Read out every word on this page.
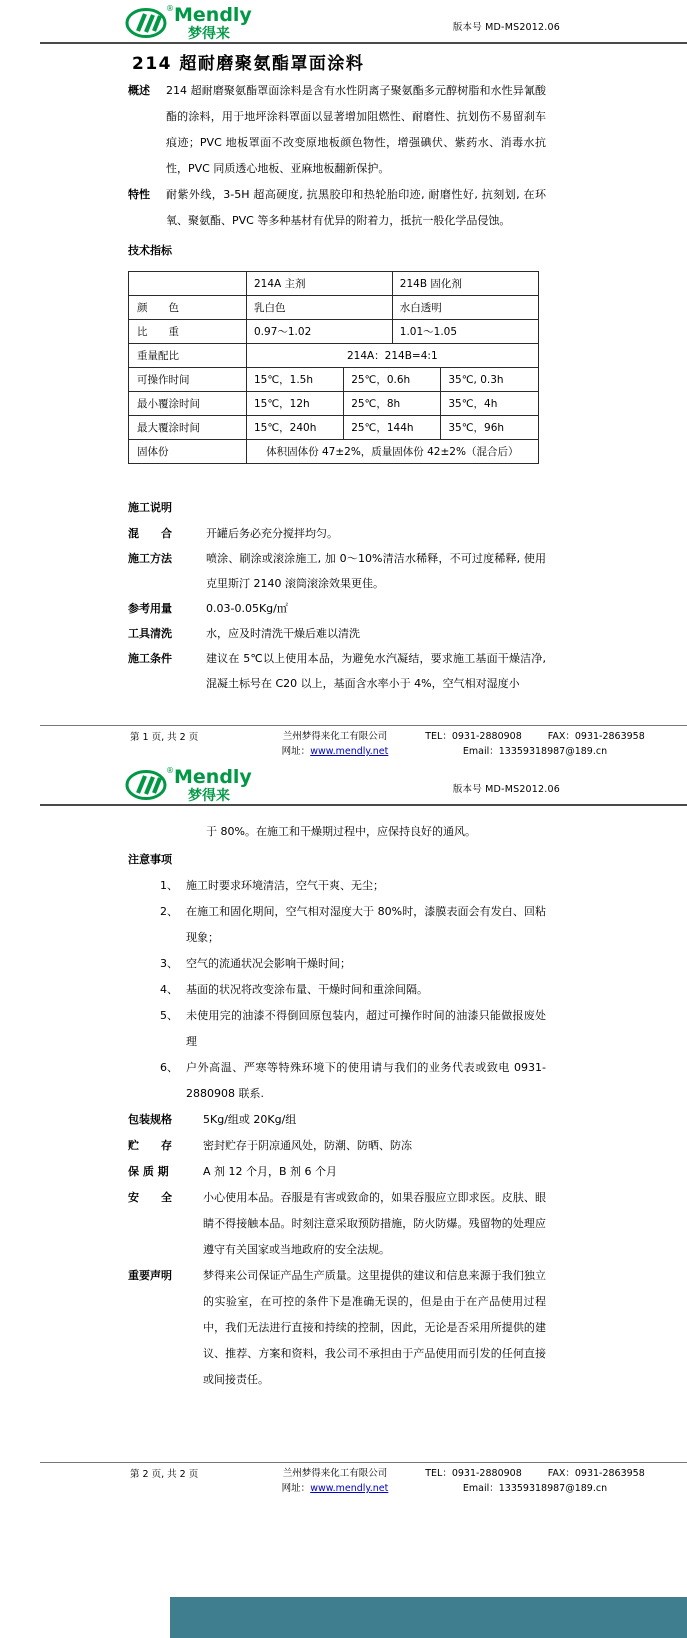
® Mendly
梦得来	版本号 MD-MS2012.06
214 超耐磨聚氨酯罩面涂料
概述	214 超耐磨聚氨酯罩面涂料是含有水性阴离子聚氨酯多元醇树脂和水性异氰酸酯的涂料，用于地坪涂料罩面以显著增加阻燃性、耐磨性、抗划伤不易留刹车痕迹；PVC 地板罩面不改变原地板颜色物性，增强碘伏、紫药水、消毒水抗性，PVC 同质透心地板、亚麻地板翻新保护。
特性	耐紫外线，3-5H 超高硬度, 抗黑胶印和热轮胎印迹, 耐磨性好, 抗刻划, 在环氧、聚氨酯、PVC 等多种基材有优异的附着力，抵抗一般化学品侵蚀。
技术指标
	214A 主剂		214B 固化剂	
颜　　色	乳白色		水白透明	
比　　重	0.97～1.02		1.01～1.05	
重量配比	214A：214B=4:1			
可操作时间	15℃，1.5h	25℃，0.6h		35℃, 0.3h
最小覆涂时间	15℃，12h	25℃，8h		35℃，4h
最大覆涂时间	15℃，240h	25℃，144h		35℃，96h
固体份	体积固体份 47±2%，质量固体份 42±2%（混合后）			
施工说明
混　　合	开罐后务必充分搅拌均匀。
施工方法	喷涂、刷涂或滚涂施工, 加 0～10%清洁水稀释，不可过度稀释, 使用克里斯汀 2140 滚筒滚涂效果更佳。
参考用量	0.03-0.05Kg/㎡
工具清洗	水，应及时清洗干燥后难以清洗
施工条件	建议在 5℃以上使用本品，为避免水汽凝结，要求施工基面干燥洁净, 混凝土标号在 C20 以上，基面含水率小于 4%，空气相对湿度小
第 1 页, 共 2 页	兰州梦得来化工有限公司
网址：www.mendly.net
TEL：0931-2880908	FAX：0931-2863958
Email：13359318987@189.cn
® Mendly
梦得来	版本号 MD-MS2012.06
于 80%。在施工和干燥期过程中，应保持良好的通风。
注意事项
1、 施工时要求环境清洁，空气干爽、无尘；
2、 在施工和固化期间，空气相对湿度大于 80%时，漆膜表面会有发白、回粘现象；
3、 空气的流通状况会影响干燥时间；
4、 基面的状况将改变涂布量、干燥时间和重涂间隔。
5、 未使用完的油漆不得倒回原包装内，超过可操作时间的油漆只能做报废处理
6、 户外高温、严寒等特殊环境下的使用请与我们的业务代表或致电 0931-2880908 联系.
包装规格	5Kg/组或 20Kg/组
贮　　存	密封贮存于阴凉通风处，防潮、防晒、防冻
保 质 期	A 剂 12 个月，B 剂 6 个月
安　　全	小心使用本品。吞服是有害或致命的，如果吞服应立即求医。皮肤、眼睛不得接触本品。时刻注意采取预防措施，防火防爆。残留物的处理应遵守有关国家或当地政府的安全法规。
重要声明	梦得来公司保证产品生产质量。这里提供的建议和信息来源于我们独立的实验室，在可控的条件下是准确无误的，但是由于在产品使用过程中，我们无法进行直接和持续的控制，因此，无论是否采用所提供的建议、推荐、方案和资料，我公司不承担由于产品使用而引发的任何直接或间接责任。
第 2 页, 共 2 页	兰州梦得来化工有限公司
网址：www.mendly.net
TEL：0931-2880908	FAX：0931-2863958
Email：13359318987@189.cn
